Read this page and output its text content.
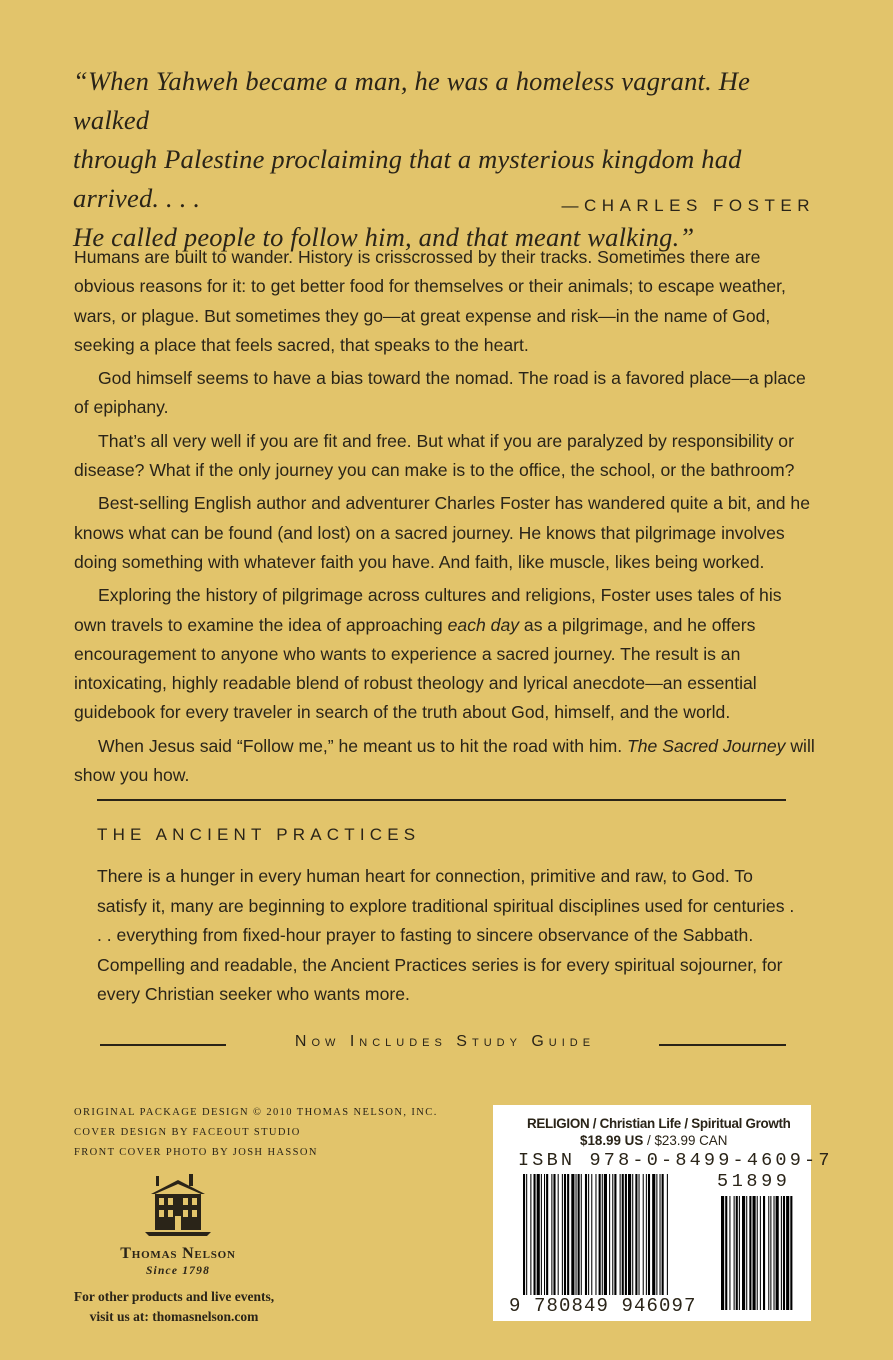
“When Yahweh became a man, he was a homeless vagrant. He walked
through Palestine proclaiming that a mysterious kingdom had arrived. . . .
He called people to follow him, and that meant walking.”
—CHARLES FOSTER

Humans are built to wander. History is crisscrossed by their tracks. Sometimes there are obvious reasons for it: to get better food for themselves or their animals; to escape weather, wars, or plague. But sometimes they go—at great expense and risk—in the name of God, seeking a place that feels sacred, that speaks to the heart.

God himself seems to have a bias toward the nomad. The road is a favored place—a place of epiphany.

That’s all very well if you are fit and free. But what if you are paralyzed by responsibility or disease? What if the only journey you can make is to the office, the school, or the bathroom?

Best-selling English author and adventurer Charles Foster has wandered quite a bit, and he knows what can be found (and lost) on a sacred journey. He knows that pilgrimage involves doing something with whatever faith you have. And faith, like muscle, likes being worked.

Exploring the history of pilgrimage across cultures and religions, Foster uses tales of his own travels to examine the idea of approaching each day as a pilgrimage, and he offers encouragement to anyone who wants to experience a sacred journey. The result is an intoxicating, highly readable blend of robust theology and lyrical anecdote—an essential guidebook for every traveler in search of the truth about God, himself, and the world.

When Jesus said “Follow me,” he meant us to hit the road with him. The Sacred Journey will show you how.

THE ANCIENT PRACTICES
There is a hunger in every human heart for connection, primitive and raw, to God. To satisfy it, many are beginning to explore traditional spiritual disciplines used for centuries . . . everything from fixed-hour prayer to fasting to sincere observance of the Sabbath. Compelling and readable, the Ancient Practices series is for every spiritual sojourner, for every Christian seeker who wants more.
Now Includes Study Guide
ORIGINAL PACKAGE DESIGN © 2010 THOMAS NELSON, INC.
COVER DESIGN BY FACEOUT STUDIO
FRONT COVER PHOTO BY JOSH HASSON
Thomas Nelson
Since 1798
For other products and live events,
visit us at: thomasnelson.com
RELIGION / Christian Life / Spiritual Growth
$18.99 US / $23.99 CAN
ISBN 978-0-8499-4609-7
51899
9 780849 946097
